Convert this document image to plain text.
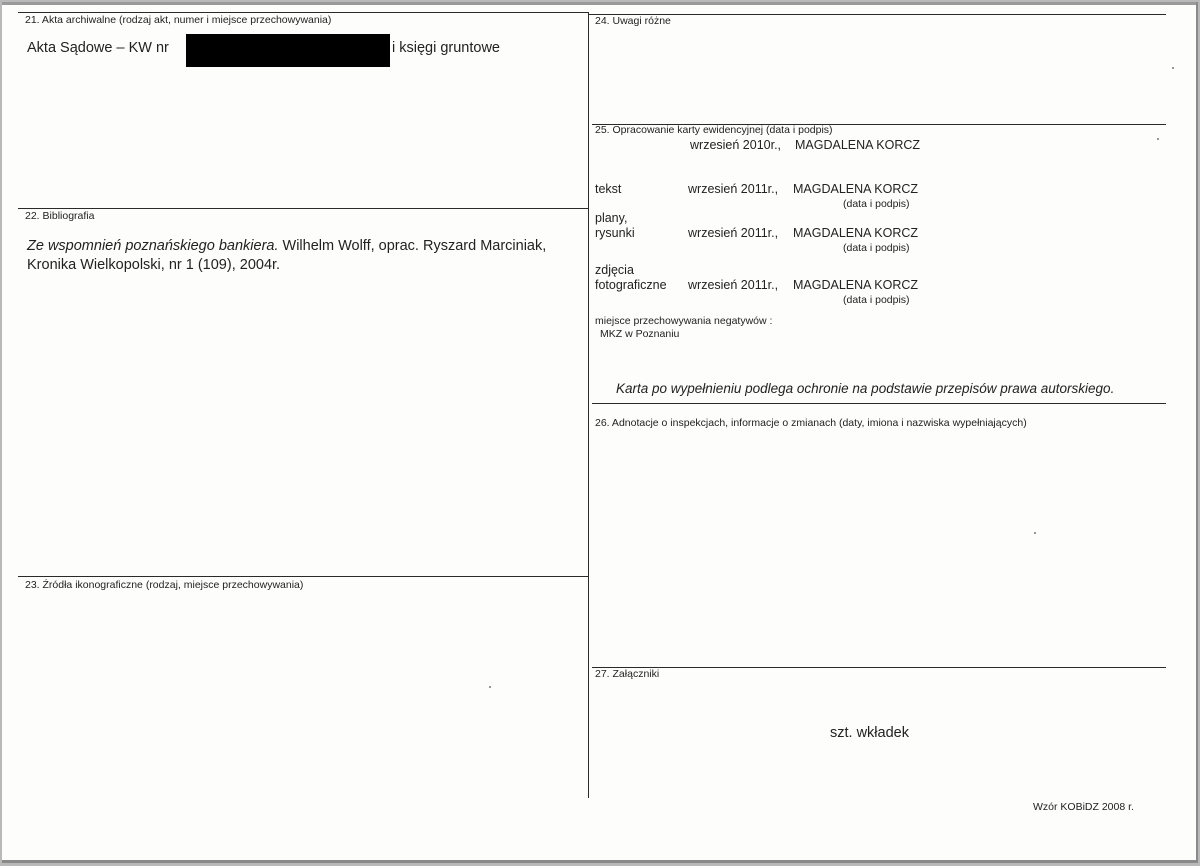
21. Akta archiwalne (rodzaj akt, numer i miejsce przechowywania)
Akta Sądowe – KW nr	i księgi gruntowe
22. Bibliografia
Ze wspomnień poznańskiego bankiera. Wilhelm Wolff, oprac. Ryszard Marciniak, Kronika Wielkopolski, nr 1 (109), 2004r.
23. Źródła ikonograficzne (rodzaj, miejsce przechowywania)
24. Uwagi różne
25. Opracowanie karty ewidencyjnej (data i podpis)
wrzesień 2010r., MAGDALENA KORCZ
tekst	wrzesień 2011r., MAGDALENA KORCZ
(data i podpis)
plany,
rysunki	wrzesień 2011r., MAGDALENA KORCZ
(data i podpis)
zdjęcia
fotograficzne wrzesień 2011r., MAGDALENA KORCZ
(data i podpis)
miejsce przechowywania negatywów :
MKZ w Poznaniu
Karta po wypełnieniu podlega ochronie na podstawie przepisów prawa autorskiego.
26. Adnotacje o inspekcjach, informacje o zmianach (daty, imiona i nazwiska wypełniających)
27. Załączniki
szt. wkładek
Wzór KOBiDZ 2008 r.
